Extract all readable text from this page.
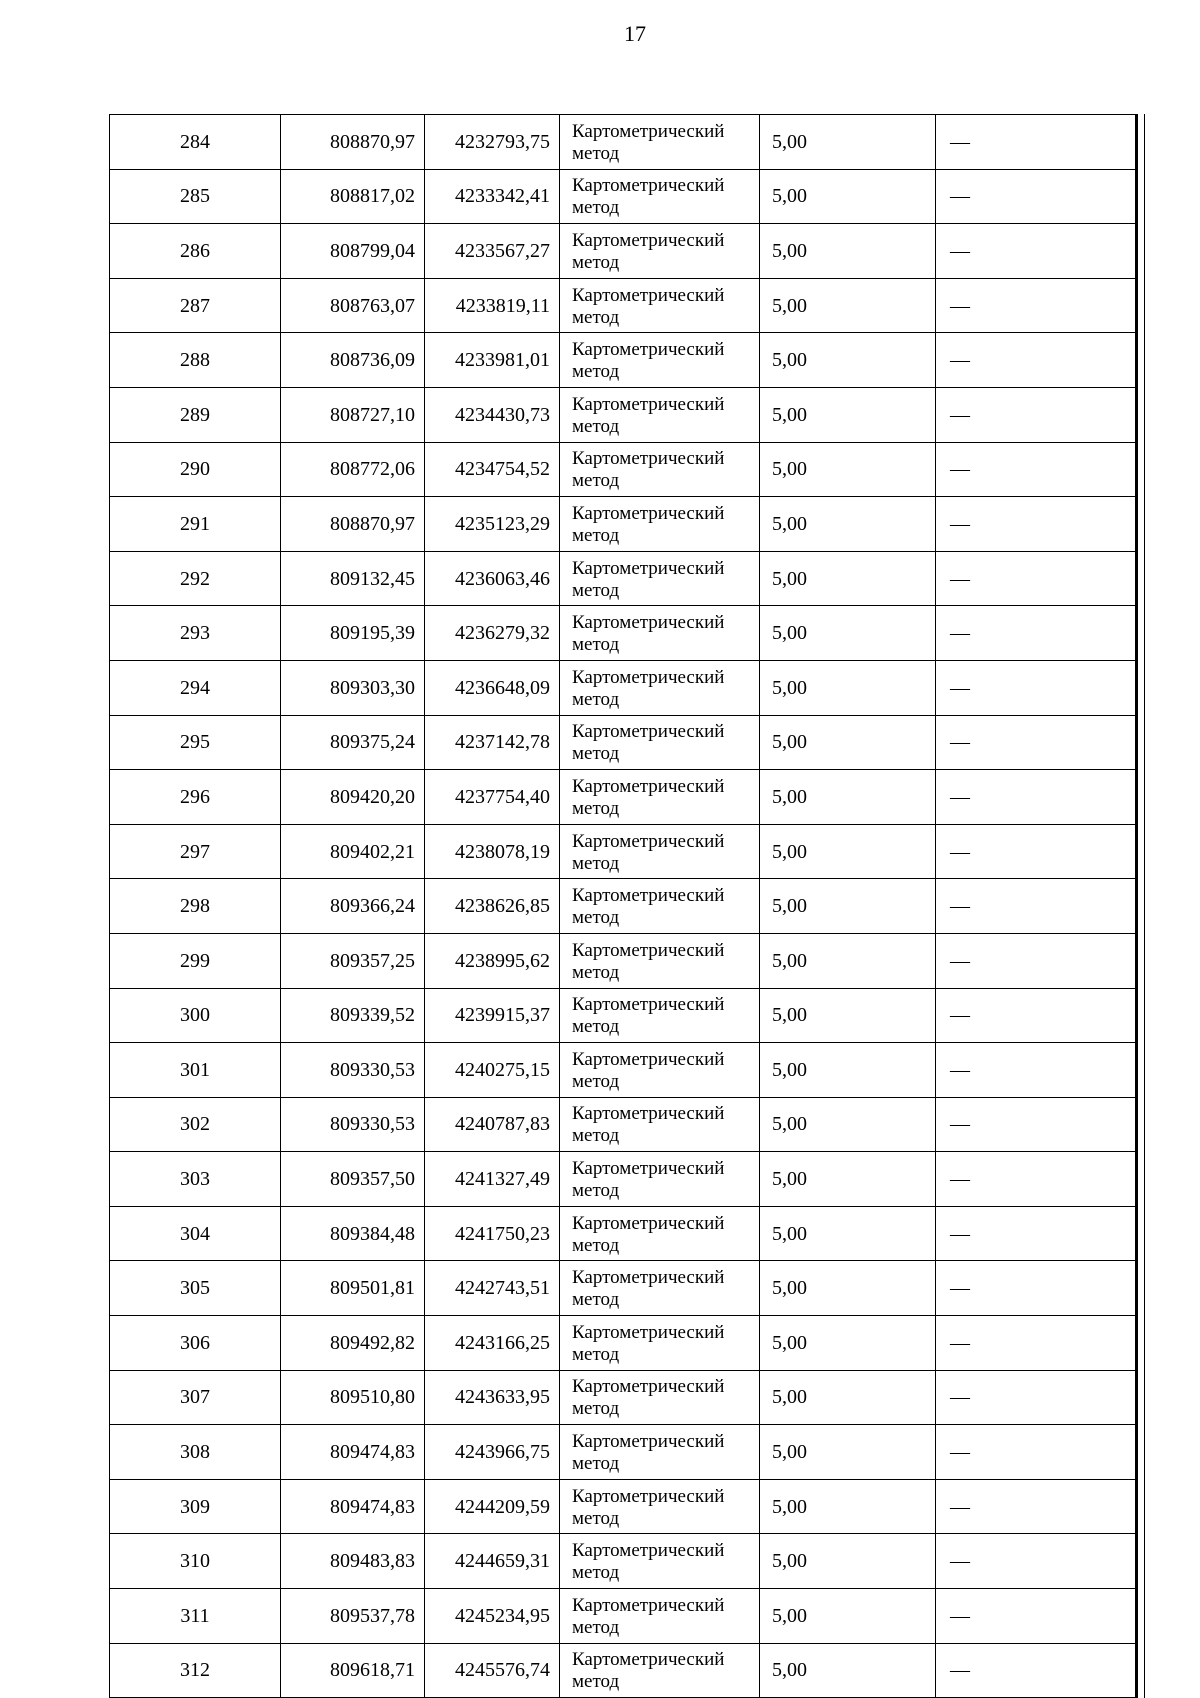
17
284	808870,97	4232793,75	Картометрический метод	5,00	—
285	808817,02	4233342,41	Картометрический метод	5,00	—
286	808799,04	4233567,27	Картометрический метод	5,00	—
287	808763,07	4233819,11	Картометрический метод	5,00	—
288	808736,09	4233981,01	Картометрический метод	5,00	—
289	808727,10	4234430,73	Картометрический метод	5,00	—
290	808772,06	4234754,52	Картометрический метод	5,00	—
291	808870,97	4235123,29	Картометрический метод	5,00	—
292	809132,45	4236063,46	Картометрический метод	5,00	—
293	809195,39	4236279,32	Картометрический метод	5,00	—
294	809303,30	4236648,09	Картометрический метод	5,00	—
295	809375,24	4237142,78	Картометрический метод	5,00	—
296	809420,20	4237754,40	Картометрический метод	5,00	—
297	809402,21	4238078,19	Картометрический метод	5,00	—
298	809366,24	4238626,85	Картометрический метод	5,00	—
299	809357,25	4238995,62	Картометрический метод	5,00	—
300	809339,52	4239915,37	Картометрический метод	5,00	—
301	809330,53	4240275,15	Картометрический метод	5,00	—
302	809330,53	4240787,83	Картометрический метод	5,00	—
303	809357,50	4241327,49	Картометрический метод	5,00	—
304	809384,48	4241750,23	Картометрический метод	5,00	—
305	809501,81	4242743,51	Картометрический метод	5,00	—
306	809492,82	4243166,25	Картометрический метод	5,00	—
307	809510,80	4243633,95	Картометрический метод	5,00	—
308	809474,83	4243966,75	Картометрический метод	5,00	—
309	809474,83	4244209,59	Картометрический метод	5,00	—
310	809483,83	4244659,31	Картометрический метод	5,00	—
311	809537,78	4245234,95	Картометрический метод	5,00	—
312	809618,71	4245576,74	Картометрический метод	5,00	—
